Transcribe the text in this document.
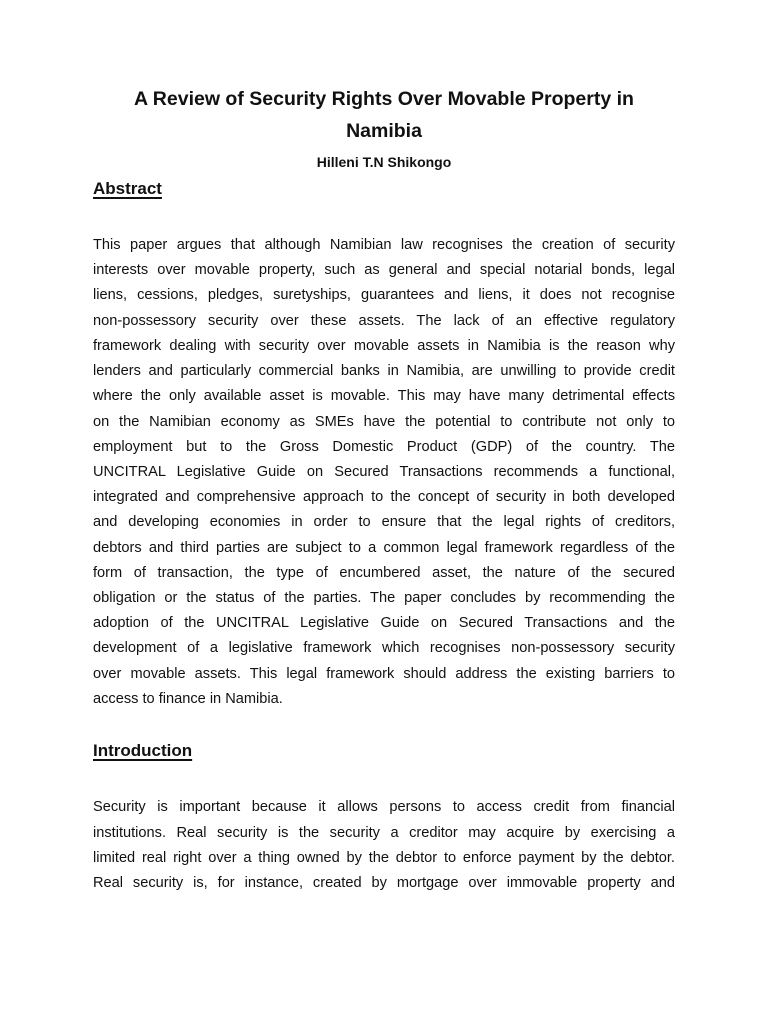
A Review of Security Rights Over Movable Property in
Namibia

Hilleni T.N Shikongo

Abstract

This paper argues that although Namibian law recognises the creation of security

interests over movable property, such as general and special notarial bonds, legal

liens, cessions, pledges, suretyships, guarantees and liens, it does not recognise

non-possessory security over these assets. The lack of an effective regulatory

framework dealing with security over movable assets in Namibia is the reason why

lenders and particularly commercial banks in Namibia, are unwilling to provide credit

where the only available asset is movable. This may have many detrimental effects

on the Namibian economy as SMEs have the potential to contribute not only to

employment but to the Gross Domestic Product (GDP) of the country. The

UNCITRAL Legislative Guide on Secured Transactions recommends a functional,

integrated and comprehensive approach to the concept of security in both developed

and developing economies in order to ensure that the legal rights of creditors,

debtors and third parties are subject to a common legal framework regardless of the

form of transaction, the type of encumbered asset, the nature of the secured

obligation or the status of the parties. The paper concludes by recommending the

adoption of the UNCITRAL Legislative Guide on Secured Transactions and the

development of a legislative framework which recognises non-possessory security

over movable assets. This legal framework should address the existing barriers to

access to finance in Namibia.

Introduction

Security is important because it allows persons to access credit from financial

institutions. Real security is the security a creditor may acquire by exercising a

limited real right over a thing owned by the debtor to enforce payment by the debtor.

Real security is, for instance, created by mortgage over immovable property and
